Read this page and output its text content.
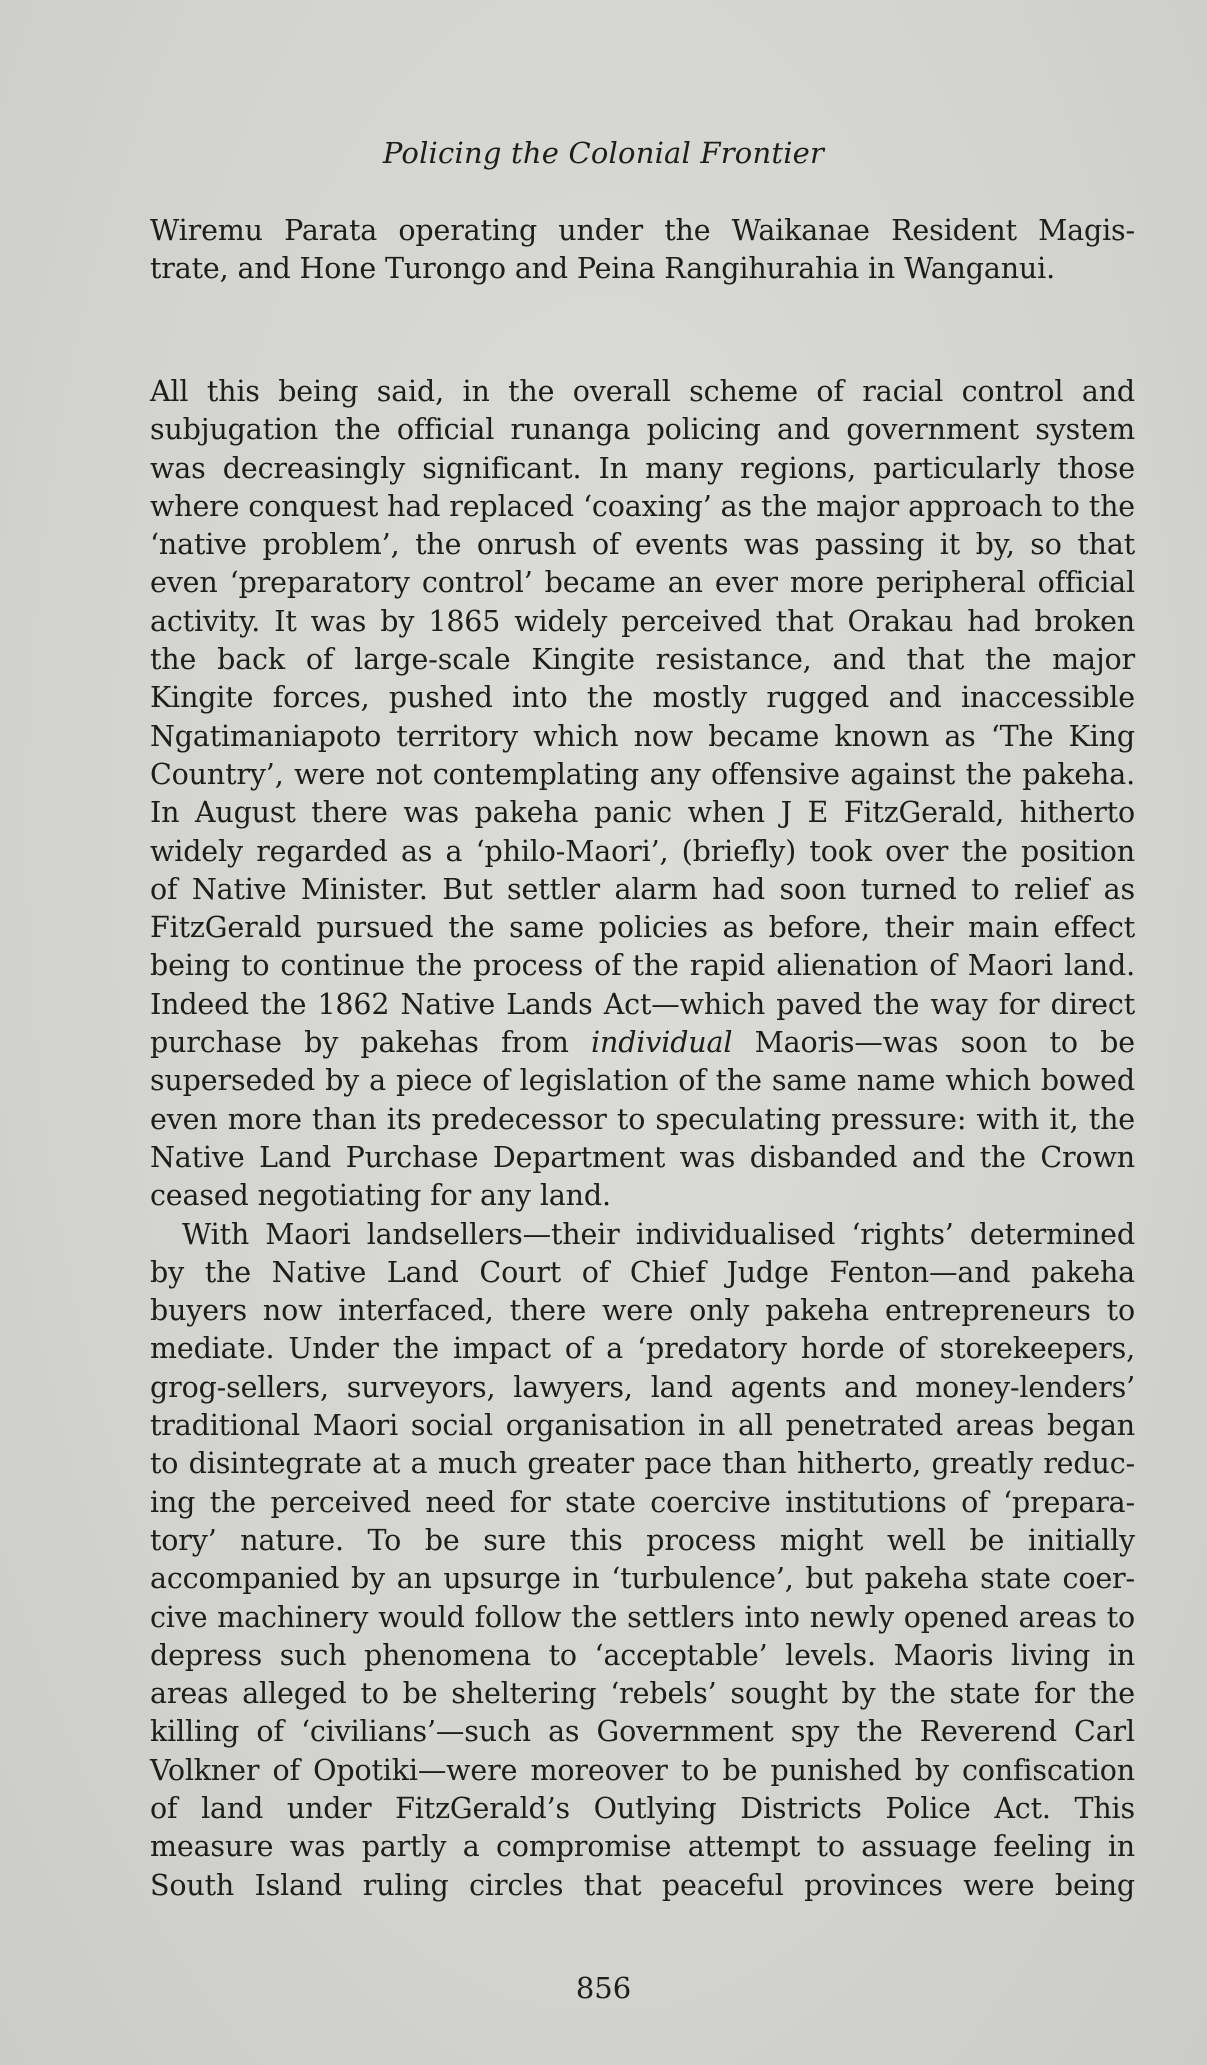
Policing the Colonial Frontier
Wiremu Parata operating under the Waikanae Resident Magis-
trate, and Hone Turongo and Peina Rangihurahia in Wanganui.
All this being said, in the overall scheme of racial control and
subjugation the official runanga policing and government system
was decreasingly significant. In many regions, particularly those
where conquest had replaced ‘coaxing’ as the major approach to the
‘native problem’, the onrush of events was passing it by, so that
even ‘preparatory control’ became an ever more peripheral official
activity. It was by 1865 widely perceived that Orakau had broken
the back of large-scale Kingite resistance, and that the major
Kingite forces, pushed into the mostly rugged and inaccessible
Ngatimaniapoto territory which now became known as ‘The King
Country’, were not contemplating any offensive against the pakeha.
In August there was pakeha panic when J E FitzGerald, hitherto
widely regarded as a ‘philo-Maori’, (briefly) took over the position
of Native Minister. But settler alarm had soon turned to relief as
FitzGerald pursued the same policies as before, their main effect
being to continue the process of the rapid alienation of Maori land.
Indeed the 1862 Native Lands Act—which paved the way for direct
purchase by pakehas from individual Maoris—was soon to be
superseded by a piece of legislation of the same name which bowed
even more than its predecessor to speculating pressure: with it, the
Native Land Purchase Department was disbanded and the Crown
ceased negotiating for any land.
With Maori landsellers—their individualised ‘rights’ determined
by the Native Land Court of Chief Judge Fenton—and pakeha
buyers now interfaced, there were only pakeha entrepreneurs to
mediate. Under the impact of a ‘predatory horde of storekeepers,
grog-sellers, surveyors, lawyers, land agents and money-lenders’
traditional Maori social organisation in all penetrated areas began
to disintegrate at a much greater pace than hitherto, greatly reduc-
ing the perceived need for state coercive institutions of ‘prepara-
tory’ nature. To be sure this process might well be initially
accompanied by an upsurge in ‘turbulence’, but pakeha state coer-
cive machinery would follow the settlers into newly opened areas to
depress such phenomena to ‘acceptable’ levels. Maoris living in
areas alleged to be sheltering ‘rebels’ sought by the state for the
killing of ‘civilians’—such as Government spy the Reverend Carl
Volkner of Opotiki—were moreover to be punished by confiscation
of land under FitzGerald’s Outlying Districts Police Act. This
measure was partly a compromise attempt to assuage feeling in
South Island ruling circles that peaceful provinces were being
856
